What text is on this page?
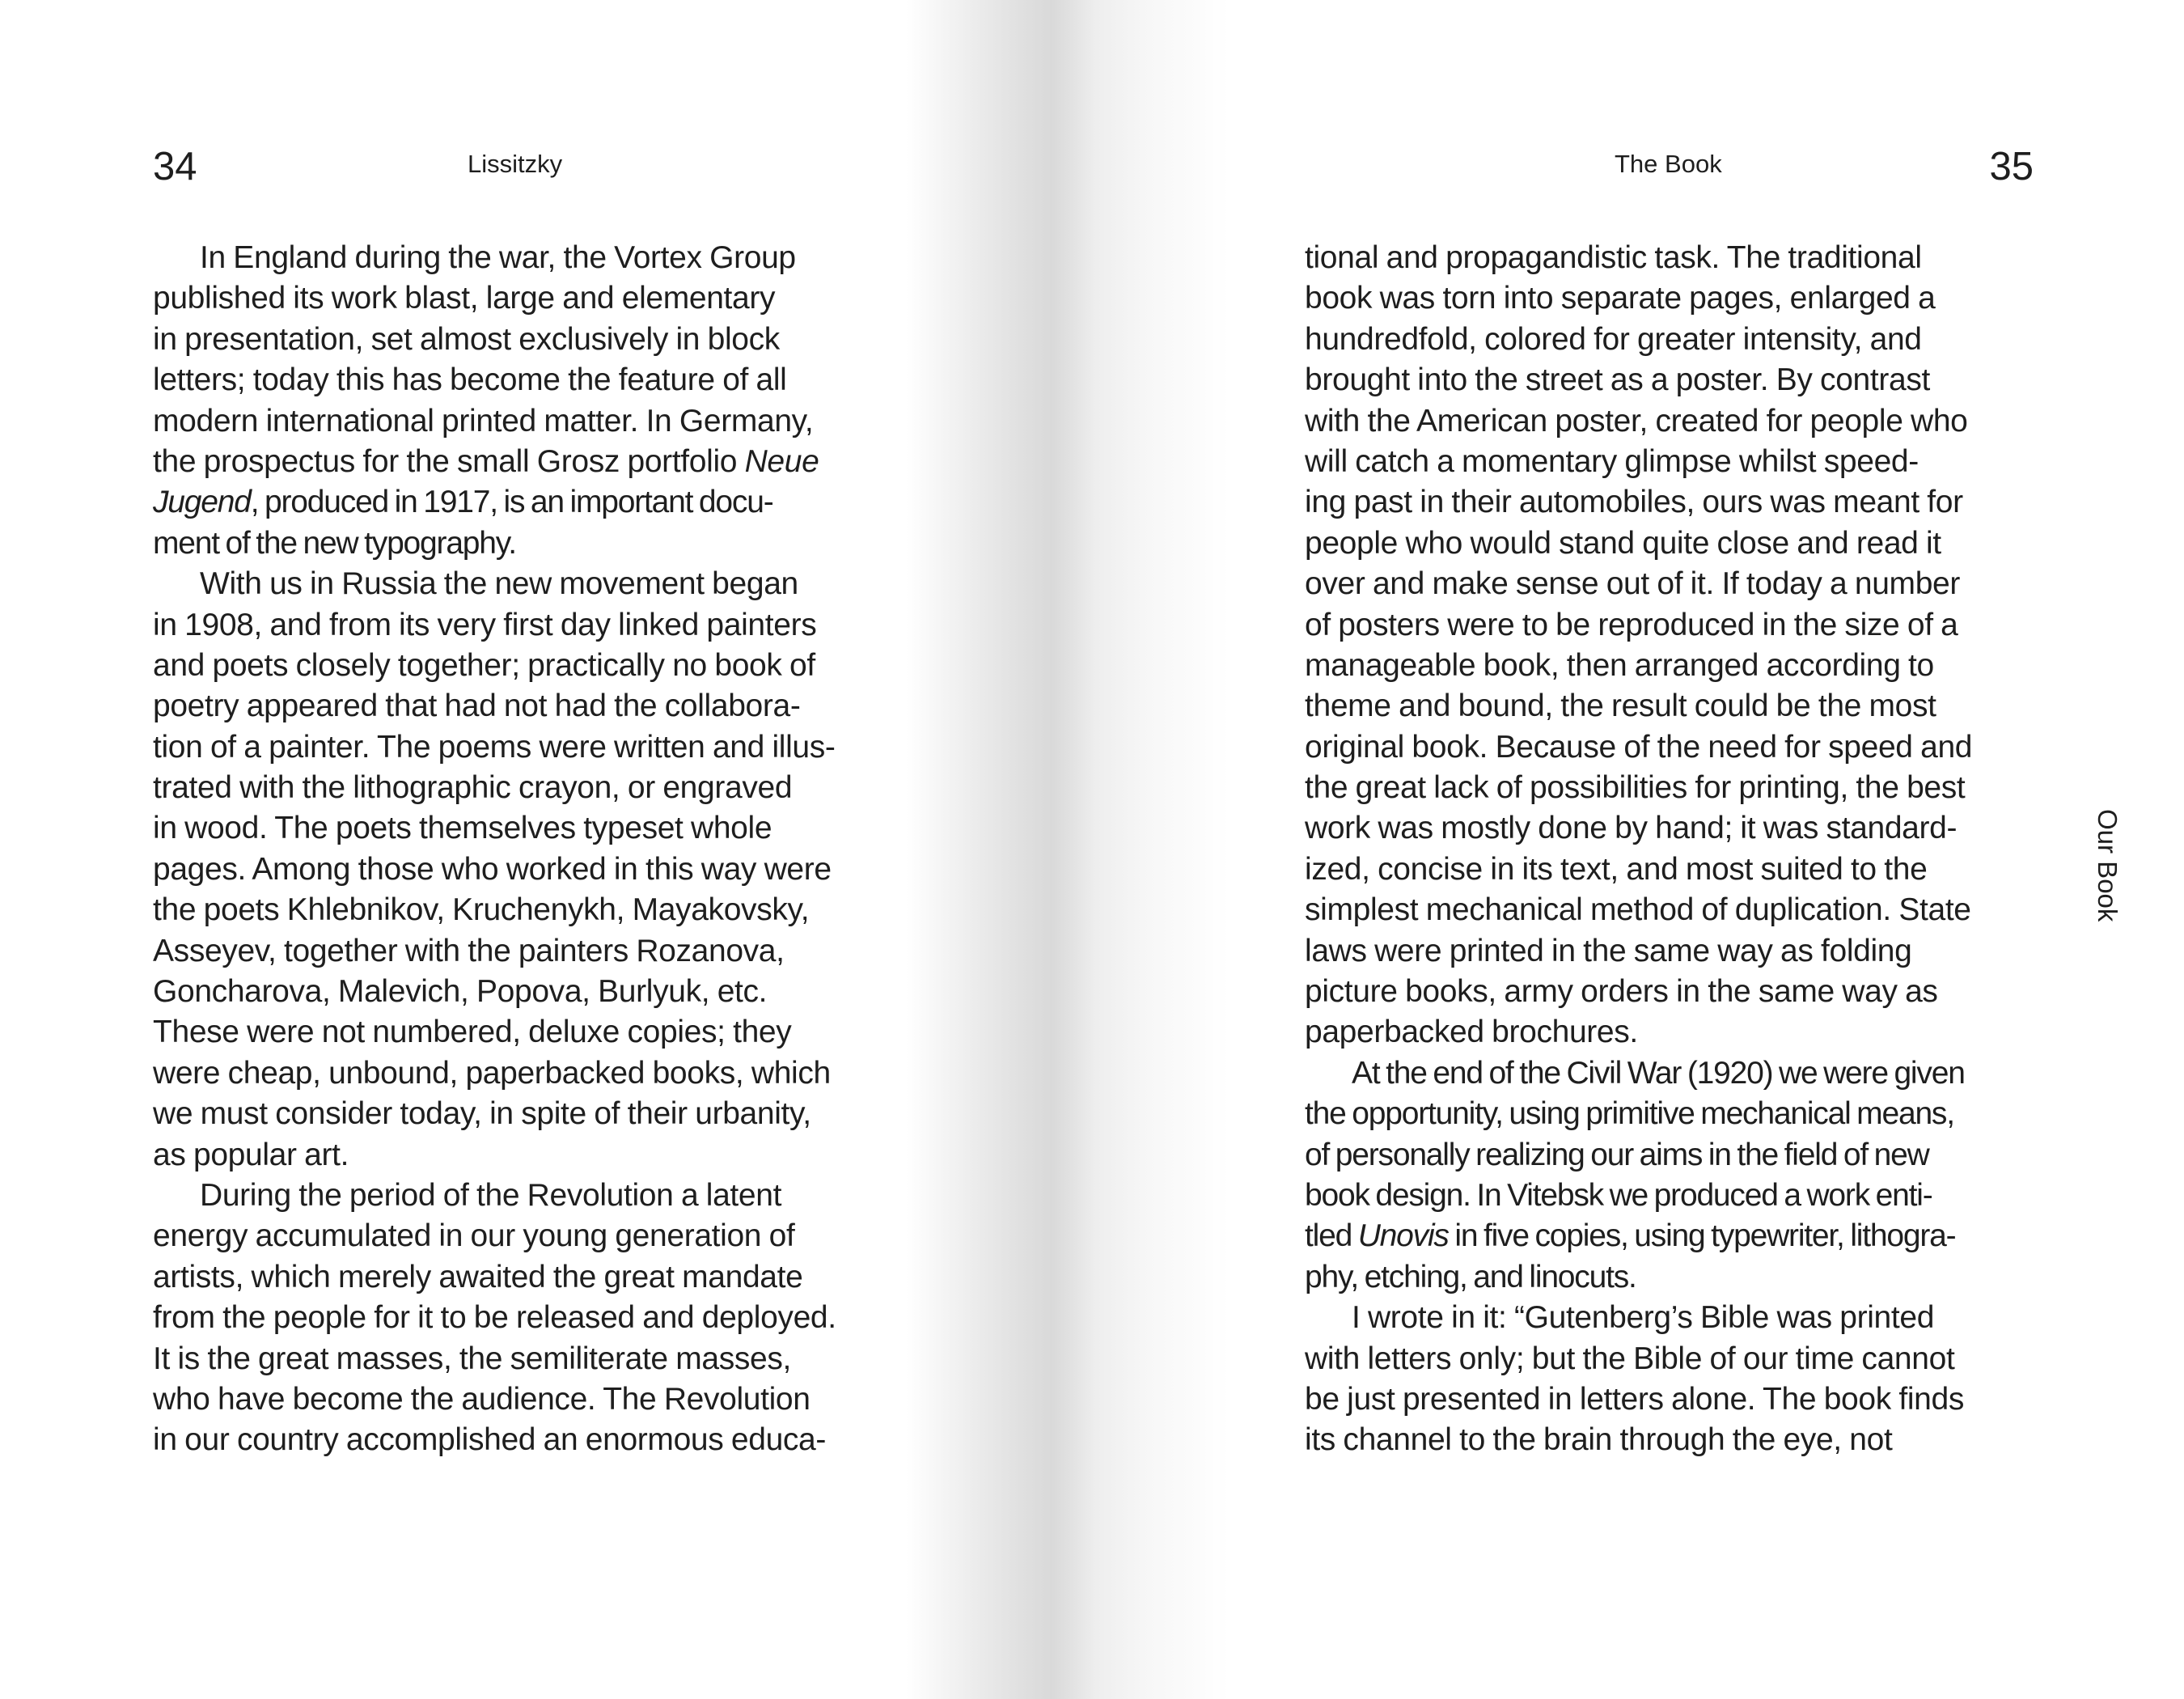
34	Lissitzky
In England during the war, the Vortex Group
published its work blast, large and elementary
in presentation, set almost exclusively in block
letters; today this has become the feature of all
modern international printed matter. In Germany,
the prospectus for the small Grosz portfolio Neue
Jugend, produced in 1917, is an important docu-
ment of the new typography.
With us in Russia the new movement began
in 1908, and from its very first day linked painters
and poets closely together; practically no book of
poetry appeared that had not had the collabora-
tion of a painter. The poems were written and illus-
trated with the lithographic crayon, or engraved
in wood. The poets themselves typeset whole
pages. Among those who worked in this way were
the poets Khlebnikov, Kruchenykh, Mayakovsky,
Asseyev, together with the painters Rozanova,
Goncharova, Malevich, Popova, Burlyuk, etc.
These were not numbered, deluxe copies; they
were cheap, unbound, paperbacked books, which
we must consider today, in spite of their urbanity,
as popular art.
During the period of the Revolution a latent
energy accumulated in our young generation of
artists, which merely awaited the great mandate
from the people for it to be released and deployed.
It is the great masses, the semiliterate masses,
who have become the audience. The Revolution
in our country accomplished an enormous educa-
The Book	35
tional and propagandistic task. The traditional
book was torn into separate pages, enlarged a
hundredfold, colored for greater intensity, and
brought into the street as a poster. By contrast
with the American poster, created for people who
will catch a momentary glimpse whilst speed-
ing past in their automobiles, ours was meant for
people who would stand quite close and read it
over and make sense out of it. If today a number
of posters were to be reproduced in the size of a
manageable book, then arranged according to
theme and bound, the result could be the most
original book. Because of the need for speed and
the great lack of possibilities for printing, the best
work was mostly done by hand; it was standard-
ized, concise in its text, and most suited to the
simplest mechanical method of duplication. State
laws were printed in the same way as folding
picture books, army orders in the same way as
paperbacked brochures.
At the end of the Civil War (1920) we were given
the opportunity, using primitive mechanical means,
of personally realizing our aims in the field of new
book design. In Vitebsk we produced a work enti-
tled Unovis in five copies, using typewriter, lithogra-
phy, etching, and linocuts.
I wrote in it: “Gutenberg’s Bible was printed
with letters only; but the Bible of our time cannot
be just presented in letters alone. The book finds
its channel to the brain through the eye, not
Our Book
